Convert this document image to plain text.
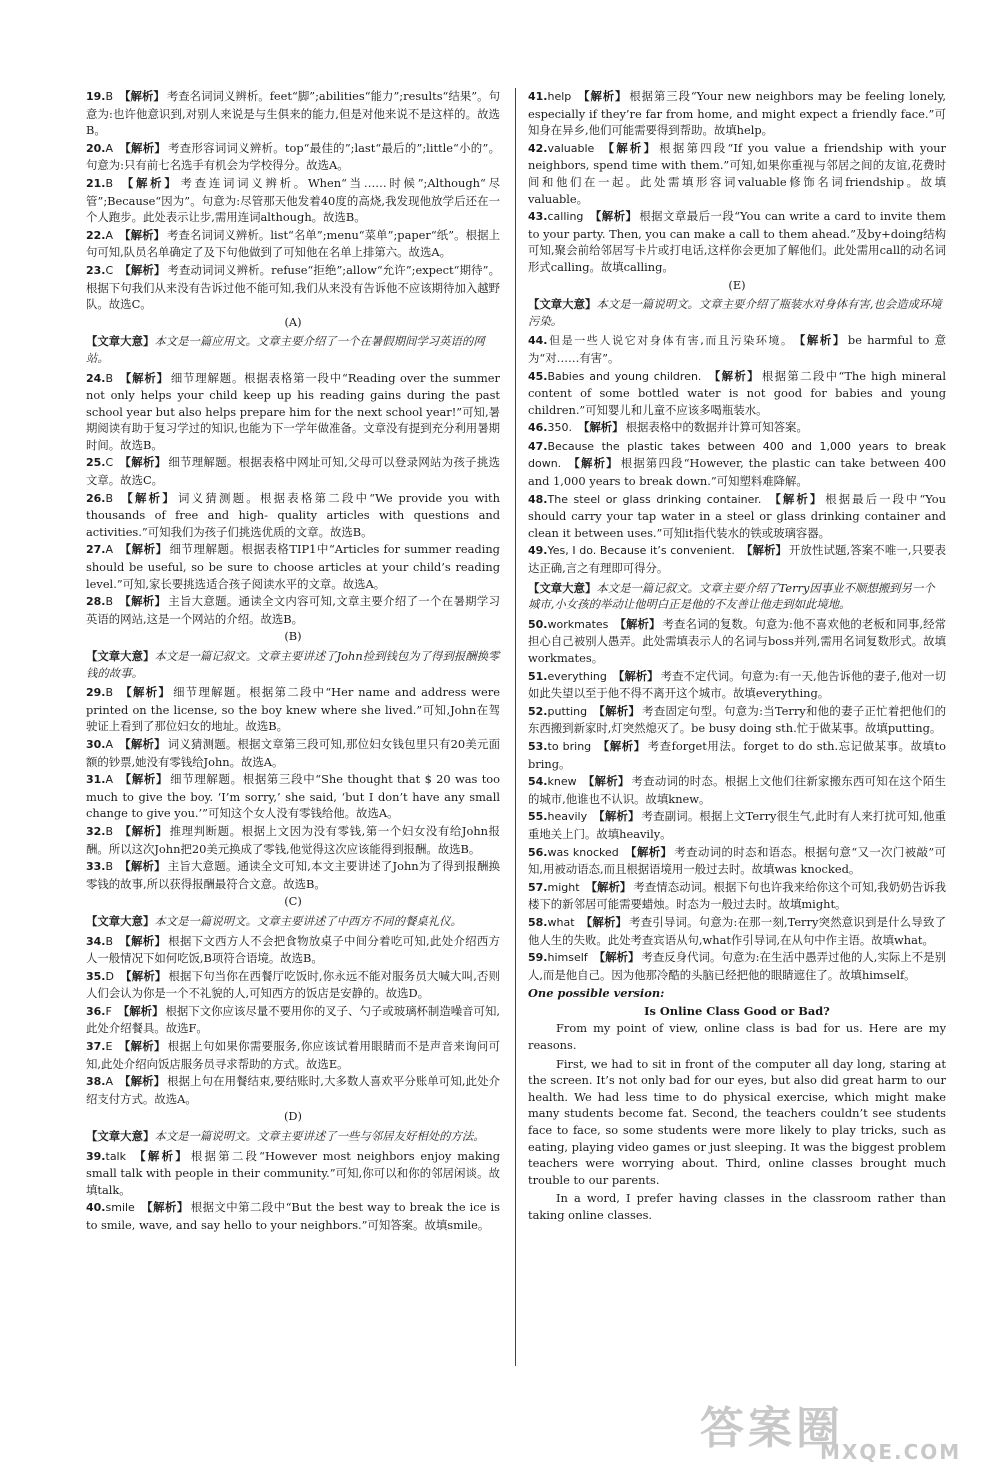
19.B 【解析】 考查名词词义辨析。feet“脚”;abilities“能力”;results“结果”。句意为:也许他意识到,对别人来说是与生俱来的能力,但是对他来说不是这样的。故选B。
20.A 【解析】 考查形容词词义辨析。top“最佳的”;last“最后的”;little“小的”。句意为:只有前七名选手有机会为学校得分。故选A。
21.B 【解析】 考查连词词义辨析。When“当……时候”;Although“尽管”;Because“因为”。句意为:尽管那天他发着40度的高烧,我发现他放学后还在一个人跑步。此处表示让步,需用连词although。故选B。
22.A 【解析】 考查名词词义辨析。list“名单”;menu“菜单”;paper“纸”。根据上句可知,队员名单确定了及下句他做到了可知他在名单上排第六。故选A。
23.C 【解析】 考查动词词义辨析。refuse“拒绝”;allow“允许”;expect“期待”。根据下句我们从来没有告诉过他不能可知,我们从来没有告诉他不应该期待加入越野队。故选C。
(A)
【文章大意】本文是一篇应用文。文章主要介绍了一个在暑假期间学习英语的网站。
24.B 【解析】 细节理解题。根据表格第一段中“Reading over the summer not only helps your child keep up his reading gains during the past school year but also helps prepare him for the next school year!”可知,暑期阅读有助于复习学过的知识,也能为下一学年做准备。文章没有提到充分利用暑期时间。故选B。
25.C 【解析】 细节理解题。根据表格中网址可知,父母可以登录网站为孩子挑选文章。故选C。
26.B 【解析】 词义猜测题。根据表格第二段中“We provide you with thousands of free and high- quality articles with questions and activities.”可知我们为孩子们挑选优质的文章。故选B。
27.A 【解析】 细节理解题。根据表格TIP1中“Articles for summer reading should be useful, so be sure to choose articles at your child’s reading level.”可知,家长要挑选适合孩子阅读水平的文章。故选A。
28.B 【解析】 主旨大意题。通读全文内容可知,文章主要介绍了一个在暑期学习英语的网站,这是一个网站的介绍。故选B。
(B)
【文章大意】本文是一篇记叙文。文章主要讲述了John捡到钱包为了得到报酬换零钱的故事。
29.B 【解析】 细节理解题。根据第二段中“Her name and address were printed on the license, so the boy knew where she lived.”可知,John在驾驶证上看到了那位妇女的地址。故选B。
30.A 【解析】 词义猜测题。根据文章第三段可知,那位妇女钱包里只有20美元面额的钞票,她没有零钱给John。故选A。
31.A 【解析】 细节理解题。根据第三段中“She thought that $ 20 was too much to give the boy. ‘I’m sorry,’ she said, ‘but I don’t have any small change to give you.’”可知这个女人没有零钱给他。故选A。
32.B 【解析】 推理判断题。根据上文因为没有零钱,第一个妇女没有给John报酬。所以这次John把20美元换成了零钱,他觉得这次应该能得到报酬。故选B。
33.B 【解析】 主旨大意题。通读全文可知,本文主要讲述了John为了得到报酬换零钱的故事,所以获得报酬最符合文意。故选B。
(C)
【文章大意】本文是一篇说明文。文章主要讲述了中西方不同的餐桌礼仪。
34.B 【解析】 根据下文西方人不会把食物放桌子中间分着吃可知,此处介绍西方人一般情况下如何吃饭,B项符合语境。故选B。
35.D 【解析】 根据下句当你在西餐厅吃饭时,你永远不能对服务员大喊大叫,否则人们会认为你是一个不礼貌的人,可知西方的饭店是安静的。故选D。
36.F 【解析】 根据下文你应该尽量不要用你的叉子、勺子或玻璃杯制造噪音可知,此处介绍餐具。故选F。
37.E 【解析】 根据上句如果你需要服务,你应该试着用眼睛而不是声音来询问可知,此处介绍向饭店服务员寻求帮助的方式。故选E。
38.A 【解析】 根据上句在用餐结束,要结账时,大多数人喜欢平分账单可知,此处介绍支付方式。故选A。
(D)
【文章大意】本文是一篇说明文。文章主要讲述了一些与邻居友好相处的方法。
39.talk 【解析】 根据第二段“However most neighbors enjoy making small talk with people in their community.”可知,你可以和你的邻居闲谈。故填talk。
40.smile 【解析】 根据文中第二段中“But the best way to break the ice is to smile, wave, and say hello to your neighbors.”可知答案。故填smile。
41.help 【解析】 根据第三段“Your new neighbors may be feeling lonely, especially if they’re far from home, and might expect a friendly face.”可知身在异乡,他们可能需要得到帮助。故填help。
42.valuable 【解析】 根据第四段“If you value a friendship with your neighbors, spend time with them.”可知,如果你重视与邻居之间的友谊,花费时间和他们在一起。此处需填形容词valuable修饰名词friendship。故填valuable。
43.calling 【解析】 根据文章最后一段“You can write a card to invite them to your party. Then, you can make a call to them ahead.”及by+doing结构可知,聚会前给邻居写卡片或打电话,这样你会更加了解他们。此处需用call的动名词形式calling。故填calling。
(E)
【文章大意】本文是一篇说明文。文章主要介绍了瓶装水对身体有害,也会造成环境污染。
44.但是一些人说它对身体有害,而且污染环境。 【解析】 be harmful to 意为“对……有害”。
45.Babies and young children. 【解析】 根据第二段中“The high mineral content of some bottled water is not good for babies and young children.”可知婴儿和儿童不应该多喝瓶装水。
46.350. 【解析】 根据表格中的数据并计算可知答案。
47.Because the plastic takes between 400 and 1,000 years to break down. 【解析】 根据第四段“However, the plastic can take between 400 and 1,000 years to break down.”可知塑料难降解。
48.The steel or glass drinking container. 【解析】 根据最后一段中“You should carry your tap water in a steel or glass drinking container and clean it between uses.”可知it指代装水的铁或玻璃容器。
49.Yes, I do. Because it’s convenient. 【解析】 开放性试题,答案不唯一,只要表达正确,言之有理即可得分。
【文章大意】本文是一篇记叙文。文章主要介绍了Terry因事业不顺想搬到另一个城市,小女孩的举动让他明白正是他的不友善让他走到如此境地。
50.workmates 【解析】 考查名词的复数。句意为:他不喜欢他的老板和同事,经常担心自己被别人愚弄。此处需填表示人的名词与boss并列,需用名词复数形式。故填workmates。
51.everything 【解析】 考查不定代词。句意为:有一天,他告诉他的妻子,他对一切如此失望以至于他不得不离开这个城市。故填everything。
52.putting 【解析】 考查固定句型。句意为:当Terry和他的妻子正忙着把他们的东西搬到新家时,灯突然熄灭了。be busy doing sth.忙于做某事。故填putting。
53.to bring 【解析】 考查forget用法。forget to do sth.忘记做某事。故填to bring。
54.knew 【解析】 考查动词的时态。根据上文他们往新家搬东西可知在这个陌生的城市,他谁也不认识。故填knew。
55.heavily 【解析】 考查副词。根据上文Terry很生气,此时有人来打扰可知,他重重地关上门。故填heavily。
56.was knocked 【解析】 考查动词的时态和语态。根据句意“又一次门被敲”可知,用被动语态,而且根据语境用一般过去时。故填was knocked。
57.might 【解析】 考查情态动词。根据下句也许我来给你这个可知,我奶奶告诉我楼下的新邻居可能需要蜡烛。时态为一般过去时。故填might。
58.what 【解析】 考查引导词。句意为:在那一刻,Terry突然意识到是什么导致了他人生的失败。此处考查宾语从句,what作引导词,在从句中作主语。故填what。
59.himself 【解析】 考查反身代词。句意为:在生活中愚弄过他的人,实际上不是别人,而是他自己。因为他那冷酷的头脑已经把他的眼睛遮住了。故填himself。
One possible version:
Is Online Class Good or Bad?
From my point of view, online class is bad for us. Here are my reasons.
First, we had to sit in front of the computer all day long, staring at the screen. It’s not only bad for our eyes, but also did great harm to our health. We had less time to do physical exercise, which might make many students become fat. Second, the teachers couldn’t see students face to face, so some students were more likely to play tricks, such as eating, playing video games or just sleeping. It was the biggest problem teachers were worrying about. Third, online classes brought much trouble to our parents.
In a word, I prefer having classes in the classroom rather than taking online classes.
答案圈
MXQE.COM
